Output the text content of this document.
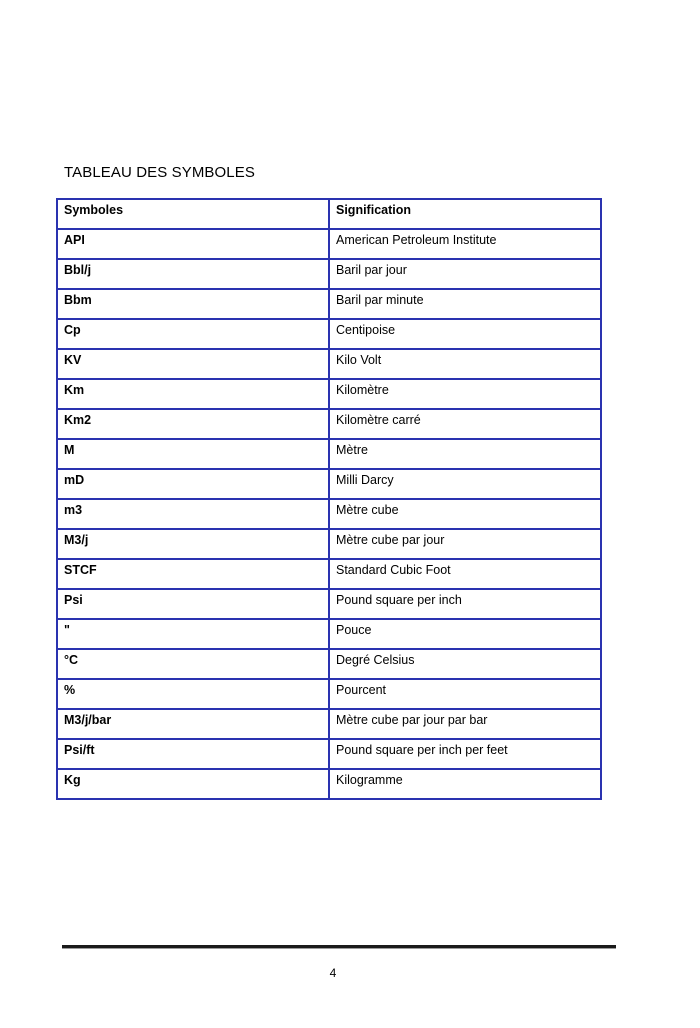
TABLEAU DES SYMBOLES
Symboles	Signification
API	American Petroleum Institute
Bbl/j	Baril par jour
Bbm	Baril par minute
Cp	Centipoise
KV	Kilo Volt
Km	Kilomètre
Km2	Kilomètre carré
M	Mètre
mD	Milli Darcy
m3	Mètre cube
M3/j	Mètre cube par jour
STCF	Standard Cubic Foot
Psi	Pound square per inch
"	Pouce
°C	Degré Celsius
%	Pourcent
M3/j/bar	Mètre cube par jour par bar
Psi/ft	Pound square per inch per feet
Kg	Kilogramme
4
